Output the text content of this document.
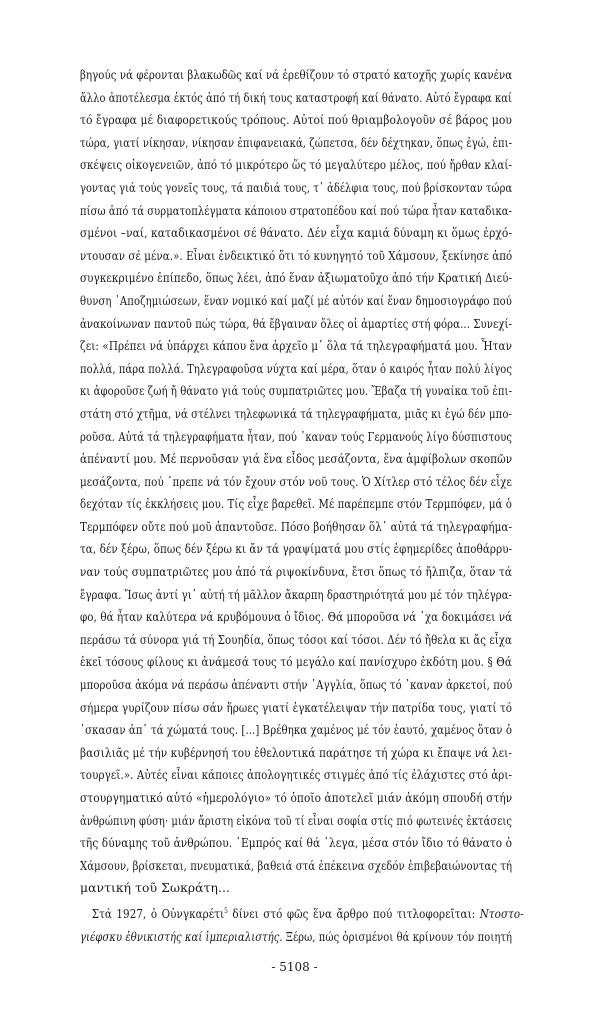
βηγούς νά φέρονται βλακωδῶς καί νά ἐρεθίζουν τό στρατό κατοχῆς χωρίς κανένα
ἄλλο ἀποτέλεσμα ἐκτός ἀπό τή δική τους καταστροφή καί θάνατο. Αὐτό ἔγραφα καί
τό ἔγραφα μέ διαφορετικούς τρόπους. Αὐτοί πού θριαμβολογοῦν σέ βάρος μου
τώρα, γιατί νίκησαν, νίκησαν ἐπιφανειακά, ζώπετσα, δέν δέχτηκαν, ὅπως ἐγώ, ἐπι-
σκέψεις οἰκογενειῶν, ἀπό τό μικρότερο ὥς τό μεγαλύτερο μέλος, πού ἤρθαν κλαί-
γοντας γιά τούς γονεῖς τους, τά παιδιά τους, τ᾽ ἀδέλφια τους, πού βρίσκονταν τώρα
πίσω ἀπό τά συρματοπλέγματα κάποιου στρατοπέδου καί πού τώρα ἦταν καταδικα-
σμένοι –ναί, καταδικασμένοι σέ θάνατο. Δέν εἶχα καμιά δύναμη κι ὅμως ἐρχό-
ντουσαν σέ μένα.». Εἶναι ἐνδεικτικό ὅτι τό κυνηγητό τοῦ Χάμσουν, ξεκίνησε ἀπό
συγκεκριμένο ἐπίπεδο, ὅπως λέει, ἀπό ἕναν ἀξιωματοῦχο ἀπό τήν Κρατική Διεύ-
θυνση ᾽Αποζημιώσεων, ἕναν νομικό καί μαζί μέ αὐτόν καί ἕναν δημοσιογράφο πού
ἀνακοίνωναν παντοῦ πώς τώρα, θά ἔβγαιναν ὅλες οἱ ἁμαρτίες στή φόρα... Συνεχί-
ζει: «Πρέπει νά ὑπάρχει κάπου ἕνα ἀρχεῖο μ᾽ ὅλα τά τηλεγραφήματά μου. Ἦταν
πολλά, πάρα πολλά. Τηλεγραφοῦσα νύχτα καί μέρα, ὅταν ὁ καιρός ἦταν πολύ λίγος
κι ἀφοροῦσε ζωή ἤ θάνατο γιά τούς συμπατριῶτες μου. Ἔβαζα τή γυναίκα τοῦ ἐπι-
στάτη στό χτῆμα, νά στέλνει τηλεφωνικά τά τηλεγραφήματα, μιᾶς κι ἐγώ δέν μπο-
ροῦσα. Αὐτά τά τηλεγραφήματα ἦταν, πού ᾽καναν τούς Γερμανούς λίγο δύσπιστους
ἀπέναντί μου. Μέ περνοῦσαν γιά ἕνα εἶδος μεσάζοντα, ἕνα ἀμφίβολων σκοπῶν
μεσάζοντα, πού ᾽πρεπε νά τόν ἔχουν στόν νοῦ τους. Ὁ Χίτλερ στό τέλος δέν εἶχε
δεχόταν τίς ἐκκλήσεις μου. Τίς εἶχε βαρεθεῖ. Μέ παρέπεμπε στόν Τερμπόφεν, μά ὁ
Τερμπόφεν οὔτε πού μοῦ ἀπαντοῦσε. Πόσο βοήθησαν ὅλ᾽ αὐτά τά τηλεγραφήμα-
τα, δέν ξέρω, ὅπως δέν ξέρω κι ἄν τά γραψίματά μου στίς ἐφημερίδες ἀποθάρρυ-
ναν τούς συμπατριῶτες μου ἀπό τά ριψοκίνδυνα, ἔτσι ὅπως τό ἤλπιζα, ὅταν τά
ἔγραφα. Ἴσως ἀντί γι᾽ αὐτή τή μᾶλλον ἄκαρπη δραστηριότητά μου μέ τόν τηλέγρα-
φο, θά ἦταν καλύτερα νά κρυβόμουνα ὁ ἴδιος. Θά μποροῦσα νά ᾽χα δοκιμάσει νά
περάσω τά σύνορα γιά τή Σουηδία, ὅπως τόσοι καί τόσοι. Δέν τό ἤθελα κι ἄς εἶχα
ἐκεῖ τόσους φίλους κι ἀνάμεσά τους τό μεγάλο καί πανίσχυρο ἐκδότη μου. § Θά
μποροῦσα ἀκόμα νά περάσω ἀπέναντι στήν ᾽Αγγλία, ὅπως τό ᾽καναν ἀρκετοί, πού
σήμερα γυρίζουν πίσω σάν ἥρωες γιατί ἐγκατέλειψαν τήν πατρίδα τους, γιατί τό
᾽σκασαν ἀπ᾽ τά χώματά τους. [...] Βρέθηκα χαμένος μέ τόν ἑαυτό, χαμένος ὅταν ὁ
βασιλιᾶς μέ τήν κυβέρνησή του ἐθελοντικά παράτησε τή χώρα κι ἔπαψε νά λει-
τουργεῖ.». Αὐτές εἶναι κάποιες ἀπολογητικές στιγμές ἀπό τίς ἐλάχιστες στό ἀρι-
στουργηματικό αὐτό «ἡμερολόγιο» τό ὁποῖο ἀποτελεῖ μιάν ἀκόμη σπουδή στήν
ἀνθρώπινη φύση· μιάν ἄριστη εἰκόνα τοῦ τί εἶναι σοφία στίς πιό φωτεινές ἐκτάσεις
τῆς δύναμης τοῦ ἀνθρώπου. ᾽Εμπρός καί θά ᾽λεγα, μέσα στόν ἴδιο τό θάνατο ὁ
Χάμσουν, βρίσκεται, πνευματικά, βαθειά στά ἐπέκεινα σχεδόν ἐπιβεβαιώνοντας τή
μαντική τοῦ Σωκράτη...
Στά 1927, ὁ Οὐνγκαρέτι$^5$ δίνει στό φῶς ἕνα ἄρθρο πού τιτλοφορεῖται: Ντοστο-
γιέφσκυ ἐθνικιστής καί ἰμπεριαλιστής. Ξέρω, πώς ὁρισμένοι θά κρίνουν τόν ποιητή
- 5108 -
